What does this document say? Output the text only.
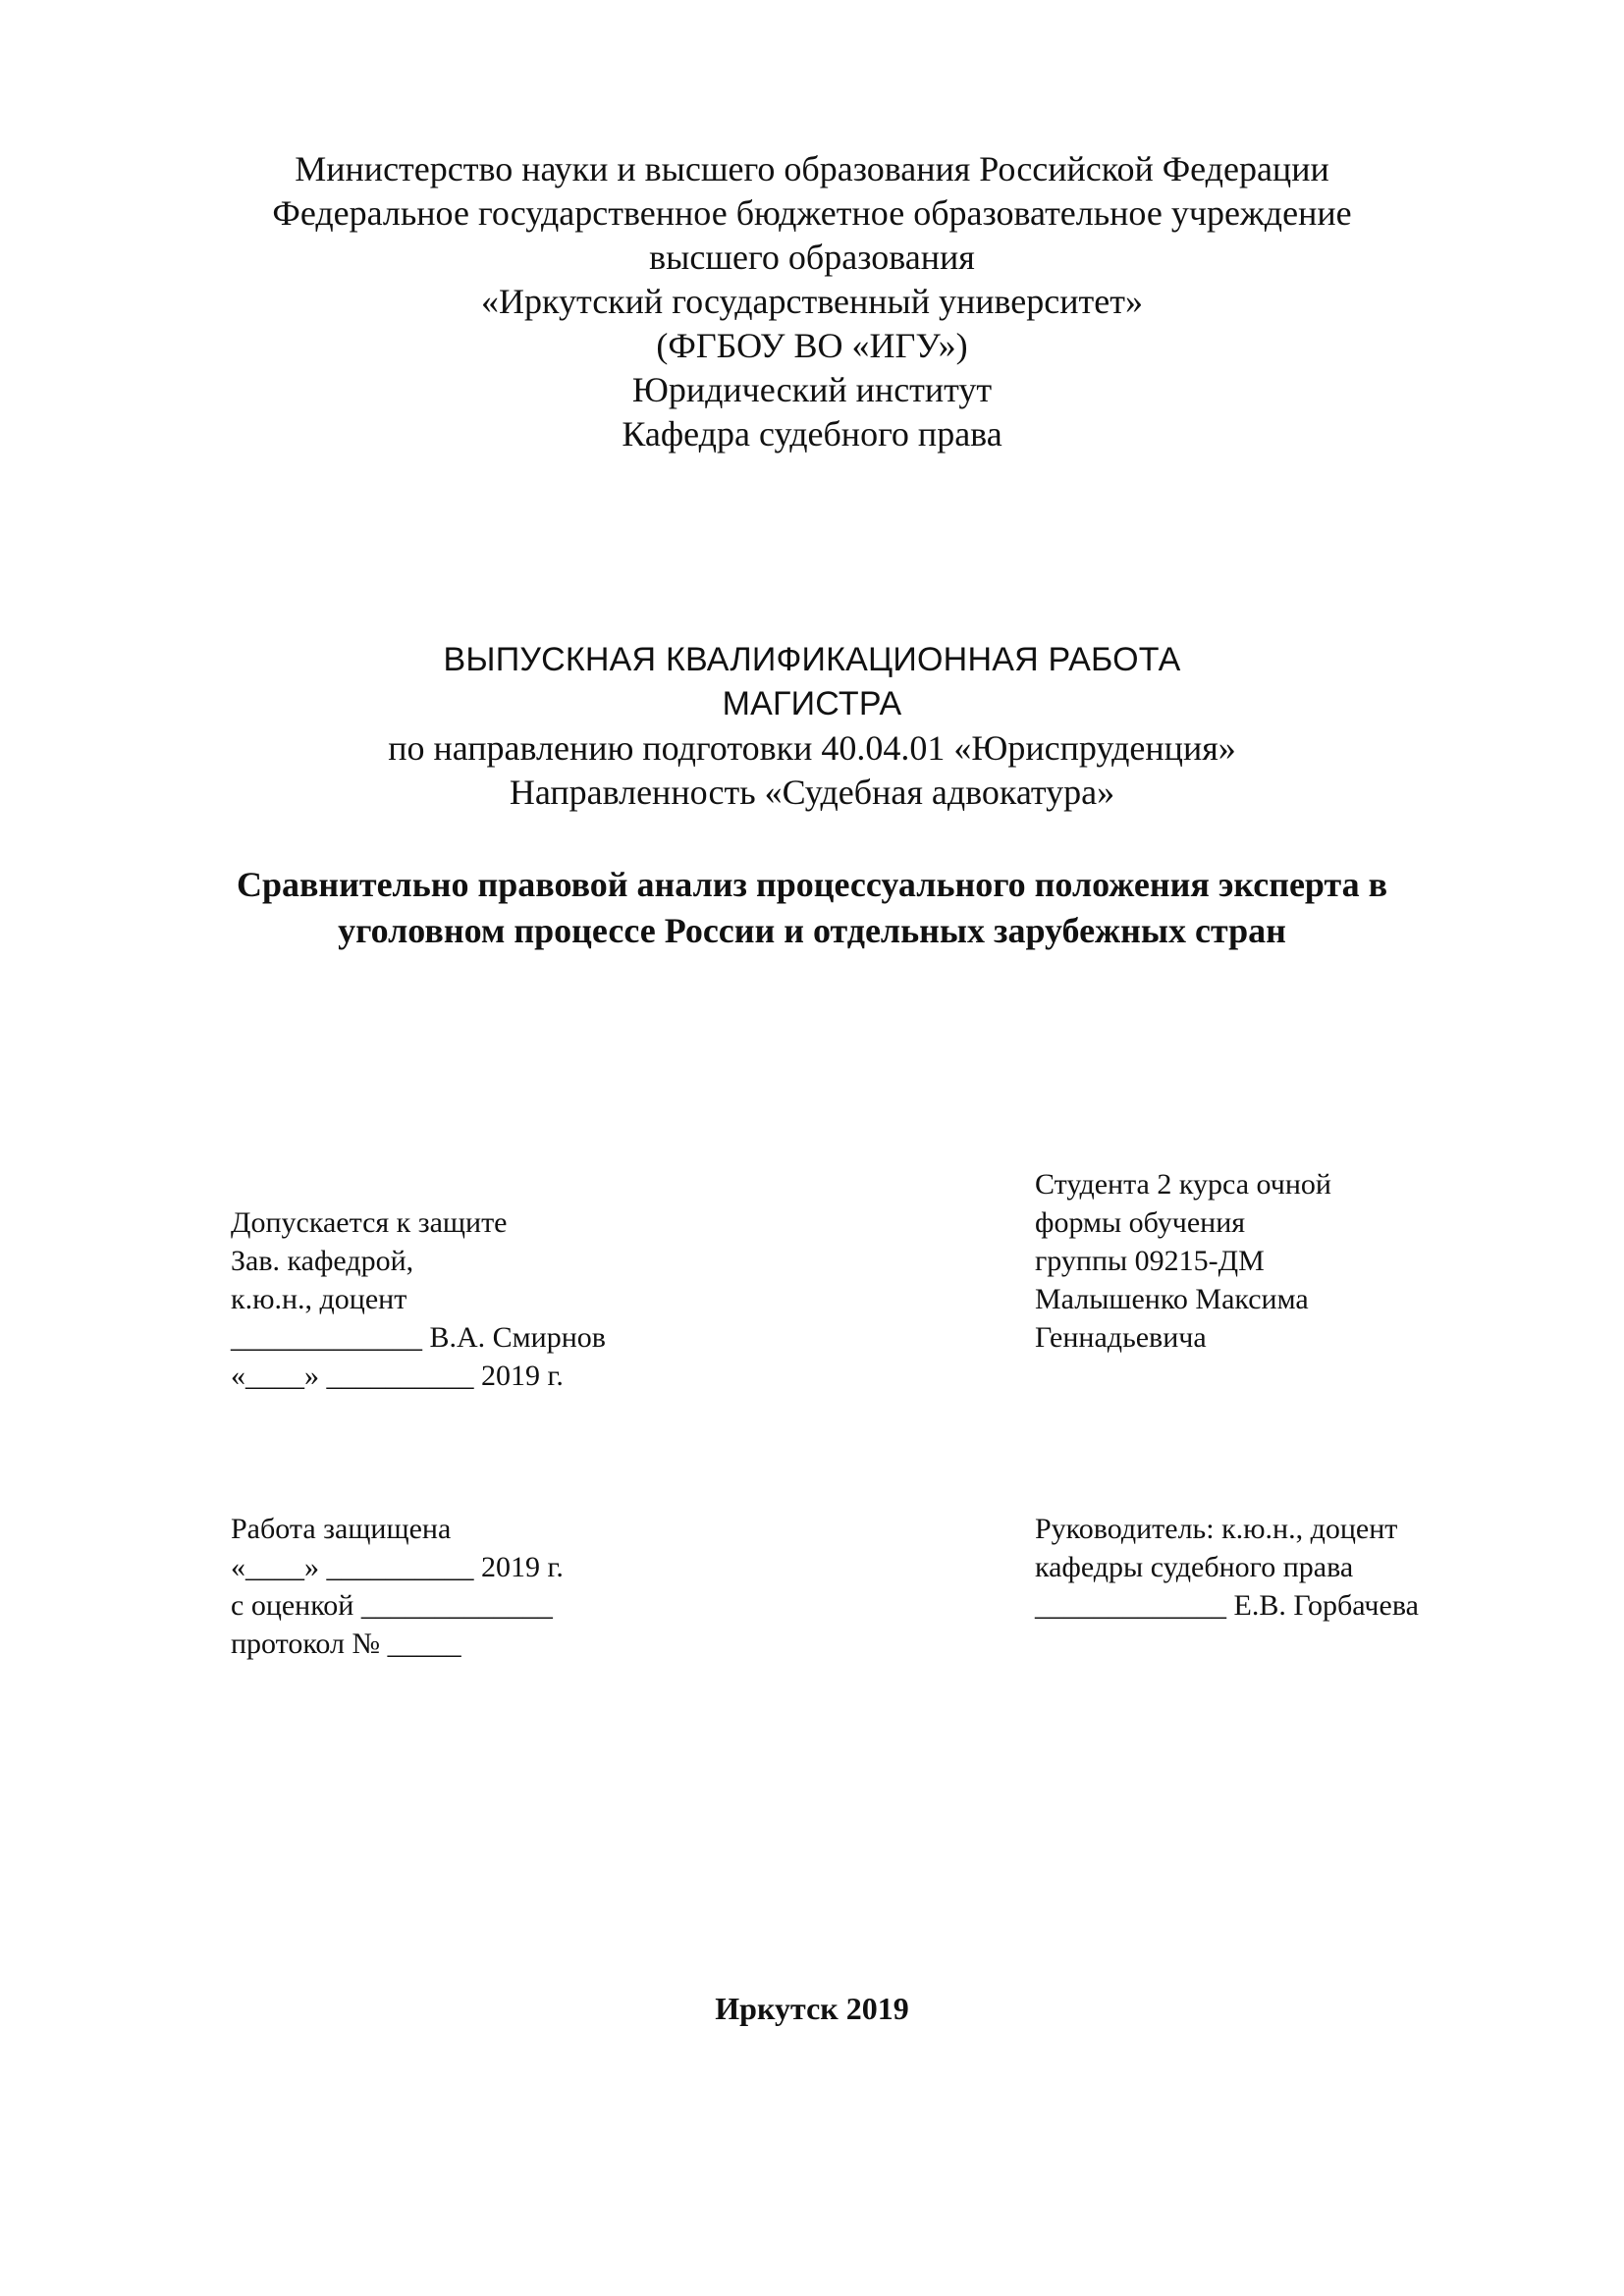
Министерство науки и высшего образования Российской Федерации
Федеральное государственное бюджетное образовательное учреждение
высшего образования
«Иркутский государственный университет»
(ФГБОУ ВО «ИГУ»)
Юридический институт
Кафедра судебного права
ВЫПУСКНАЯ КВАЛИФИКАЦИОННАЯ РАБОТА
МАГИСТРА
по направлению подготовки 40.04.01 «Юриспруденция»
Направленность «Судебная адвокатура»
Сравнительно правовой анализ процессуального положения эксперта в
уголовном процессе России и отдельных зарубежных стран
Допускается к защите
Зав. кафедрой,
к.ю.н., доцент
_____________ В.А. Смирнов
«____» __________ 2019 г.
Студента 2 курса очной
формы обучения
группы 09215-ДМ
Малышенко Максима
Геннадьевича
Работа защищена
«____» __________ 2019 г.
с оценкой _____________
протокол № _____
Руководитель: к.ю.н., доцент
кафедры судебного права
_____________ Е.В. Горбачева
Иркутск 2019
